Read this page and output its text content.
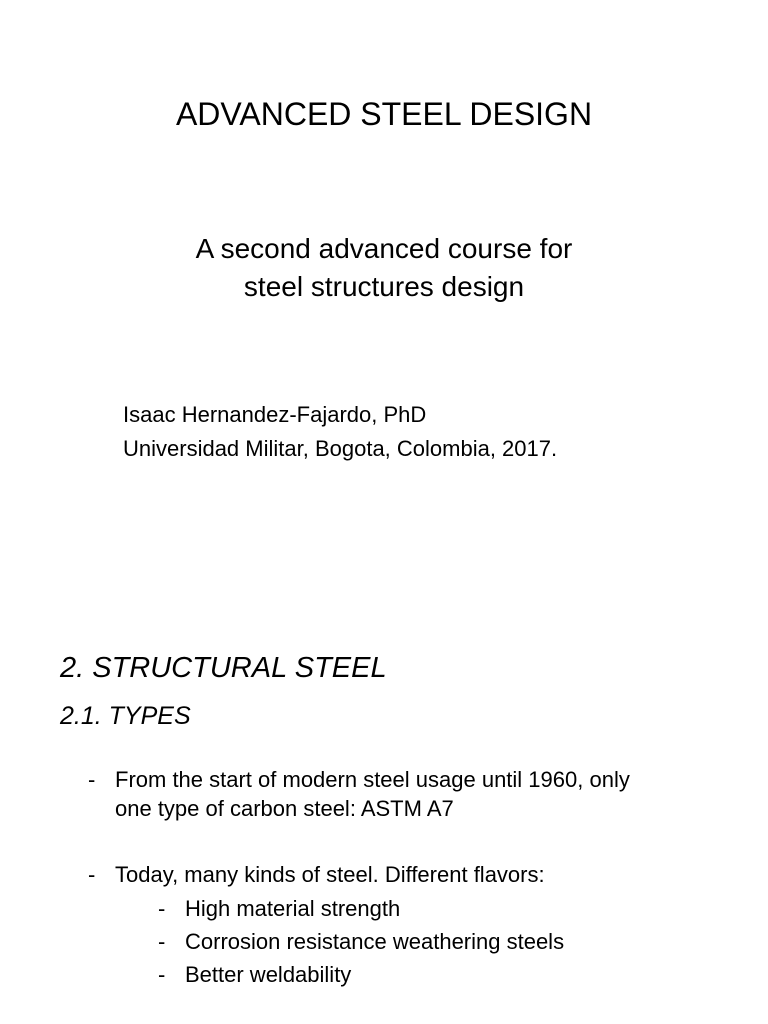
ADVANCED STEEL DESIGN
A second advanced course for
steel structures design
Isaac Hernandez-Fajardo, PhD
Universidad Militar, Bogota, Colombia, 2017.
2. STRUCTURAL STEEL
2.1. TYPES
- From the start of modern steel usage until 1960, only
one type of carbon steel: ASTM A7
- Today, many kinds of steel. Different flavors:
- High material strength
- Corrosion resistance weathering steels
- Better weldability
